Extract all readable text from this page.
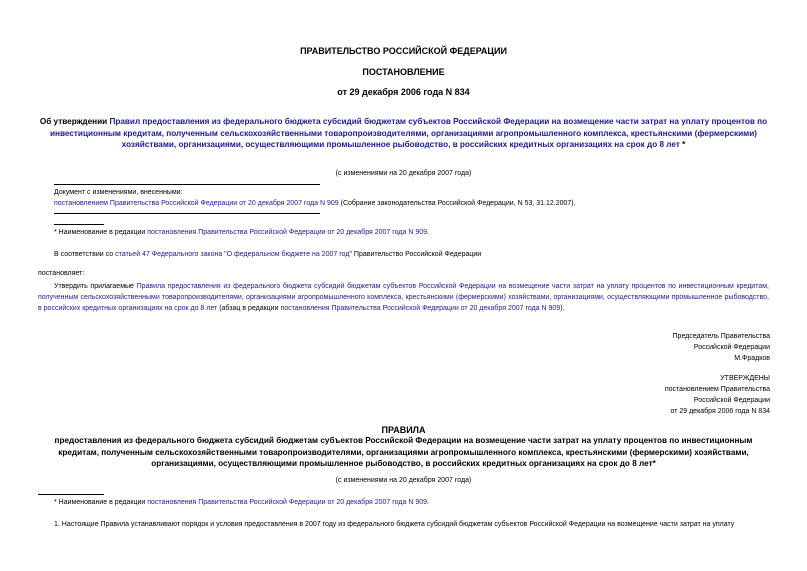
ПРАВИТЕЛЬСТВО РОССИЙСКОЙ ФЕДЕРАЦИИ
ПОСТАНОВЛЕНИЕ
от 29 декабря 2006 года N 834
Об утверждении Правил предоставления из федерального бюджета субсидий бюджетам субъектов Российской Федерации на возмещение части затрат на уплату процентов по инвестиционным кредитам, полученным сельскохозяйственными товаропроизводителями, организациями агропромышленного комплекса, крестьянскими (фермерскими) хозяйствами, организациями, осуществляющими промышленное рыбоводство, в российских кредитных организациях на срок до 8 лет *
(с изменениями на 20 декабря 2007 года)
Документ с изменениями, внесенными:
постановлением Правительства Российской Федерации от 20 декабря 2007 года N 909 (Собрание законодательства Российской Федерации, N 53, 31.12.2007).
* Наименование в редакции постановления Правительства Российской Федерации от 20 декабря 2007 года N 909.
В соответствии со статьей 47 Федерального закона "О федеральном бюджете на 2007 год" Правительство Российской Федерации
постановляет:
Утвердить прилагаемые Правила предоставления из федерального бюджета субсидий бюджетам субъектов Российской Федерации на возмещение части затрат на уплату процентов по инвестиционным кредитам, полученным сельскохозяйственными товаропроизводителями, организациями агропромышленного комплекса, крестьянскими (фермерскими) хозяйствами, организациями, осуществляющими промышленное рыбоводство, в российских кредитных организациях на срок до 8 лет (абзац в редакции постановления Правительства Российской Федерации от 20 декабря 2007 года N 909).
Председатель Правительства
Российской Федерации
М.Фрадков
УТВЕРЖДЕНЫ
постановлением Правительства
Российской Федерации
от 29 декабря 2006 года N 834
ПРАВИЛА
предоставления из федерального бюджета субсидий бюджетам субъектов Российской Федерации на возмещение части затрат на уплату процентов по инвестиционным кредитам, полученным сельскохозяйственными товаропроизводителями, организациями агропромышленного комплекса, крестьянскими (фермерскими) хозяйствами, организациями, осуществляющими промышленное рыбоводство, в российских кредитных организациях на срок до 8 лет*
(с изменениями на 20 декабря 2007 года)
* Наименование в редакции постановления Правительства Российской Федерации от 20 декабря 2007 года N 909.
1. Настоящие Правила устанавливают порядок и условия предоставления в 2007 году из федерального бюджета субсидий бюджетам субъектов Российской Федерации на возмещение части затрат на уплату
